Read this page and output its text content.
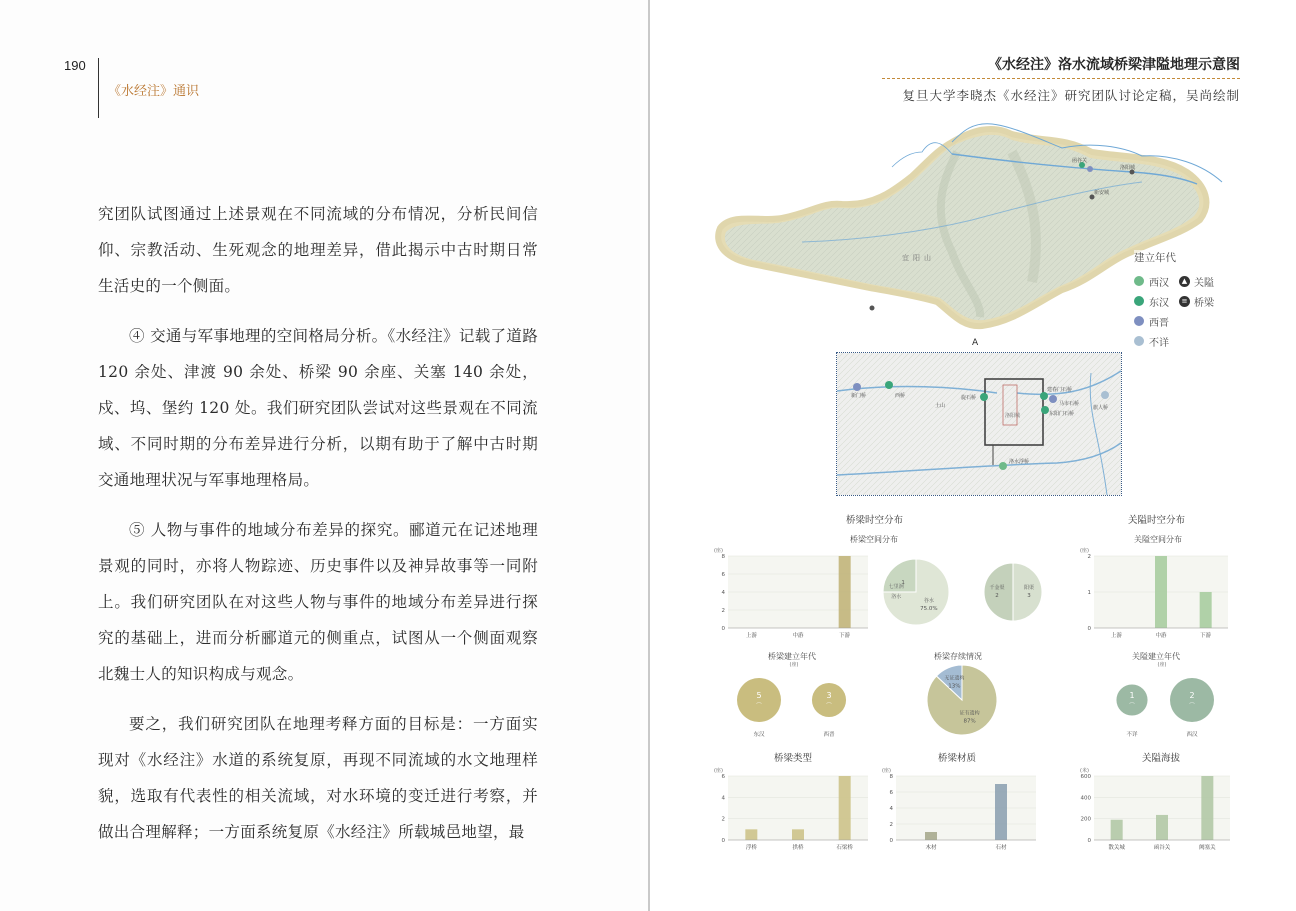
190
《水经注》通识

究团队试图通过上述景观在不同流域的分布情况，分析民间信仰、宗教活动、生死观念的地理差异，借此揭示中古时期日常生活史的一个侧面。

④ 交通与军事地理的空间格局分析。《水经注》记载了道路 120 余处、津渡 90 余处、桥梁 90 余座、关塞 140 余处，戍、坞、堡约 120 处。我们研究团队尝试对这些景观在不同流域、不同时期的分布差异进行分析，以期有助于了解中古时期交通地理状况与军事地理格局。

⑤ 人物与事件的地域分布差异的探究。郦道元在记述地理景观的同时，亦将人物踪迹、历史事件以及神异故事等一同附上。我们研究团队在对这些人物与事件的地域分布差异进行探究的基础上，进而分析郦道元的侧重点，试图从一个侧面观察北魏士人的知识构成与观念。

要之，我们研究团队在地理考释方面的目标是：一方面实现对《水经注》水道的系统复原，再现不同流域的水文地理样貌，选取有代表性的相关流域，对水环境的变迁进行考察，并做出合理解释；一方面系统复原《水经注》所载城邑地望，最

《水经注》洛水流域桥梁津隘地理示意图
复旦大学李晓杰《水经注》研究团队讨论定稿，吴尚绘制
函谷关
新安城
洛阳城
宜阳山	建立年代
西汉	▲ 关隘
东汉	≡ 桥梁
西晋
不详
A
新门桥	西桥
土山
旋石桥
建春门石桥
马市石桥
东阳门石桥
旅人桥
洛水浮桥
洛阳城
桥梁时空分布	关隘时空分布
桥梁空间分布
(座)
0
2
4
6
8
上游	中游	下游
谷水
75.0%
1
七里涧
洛水
阳渠
3
千金渠
2
关隘空间分布
(座)
0
1
2
上游	中游	下游
桥梁建立年代
(座)
5
⌒
东汉
3
⌒
西晋
桥梁存续情况
证有遗构
87%
无证遗构
13%
关隘建立年代
(座)
1
⌒
不详
2
⌒
西汉
桥梁类型
(座)
0
2
4
6
浮桥	拱桥	石梁桥
桥梁材质
(座)
0
2
4
6
8
木材	石材
关隘海拔
(米)
0
200
400
600
散关城	函谷关	阙塞关
